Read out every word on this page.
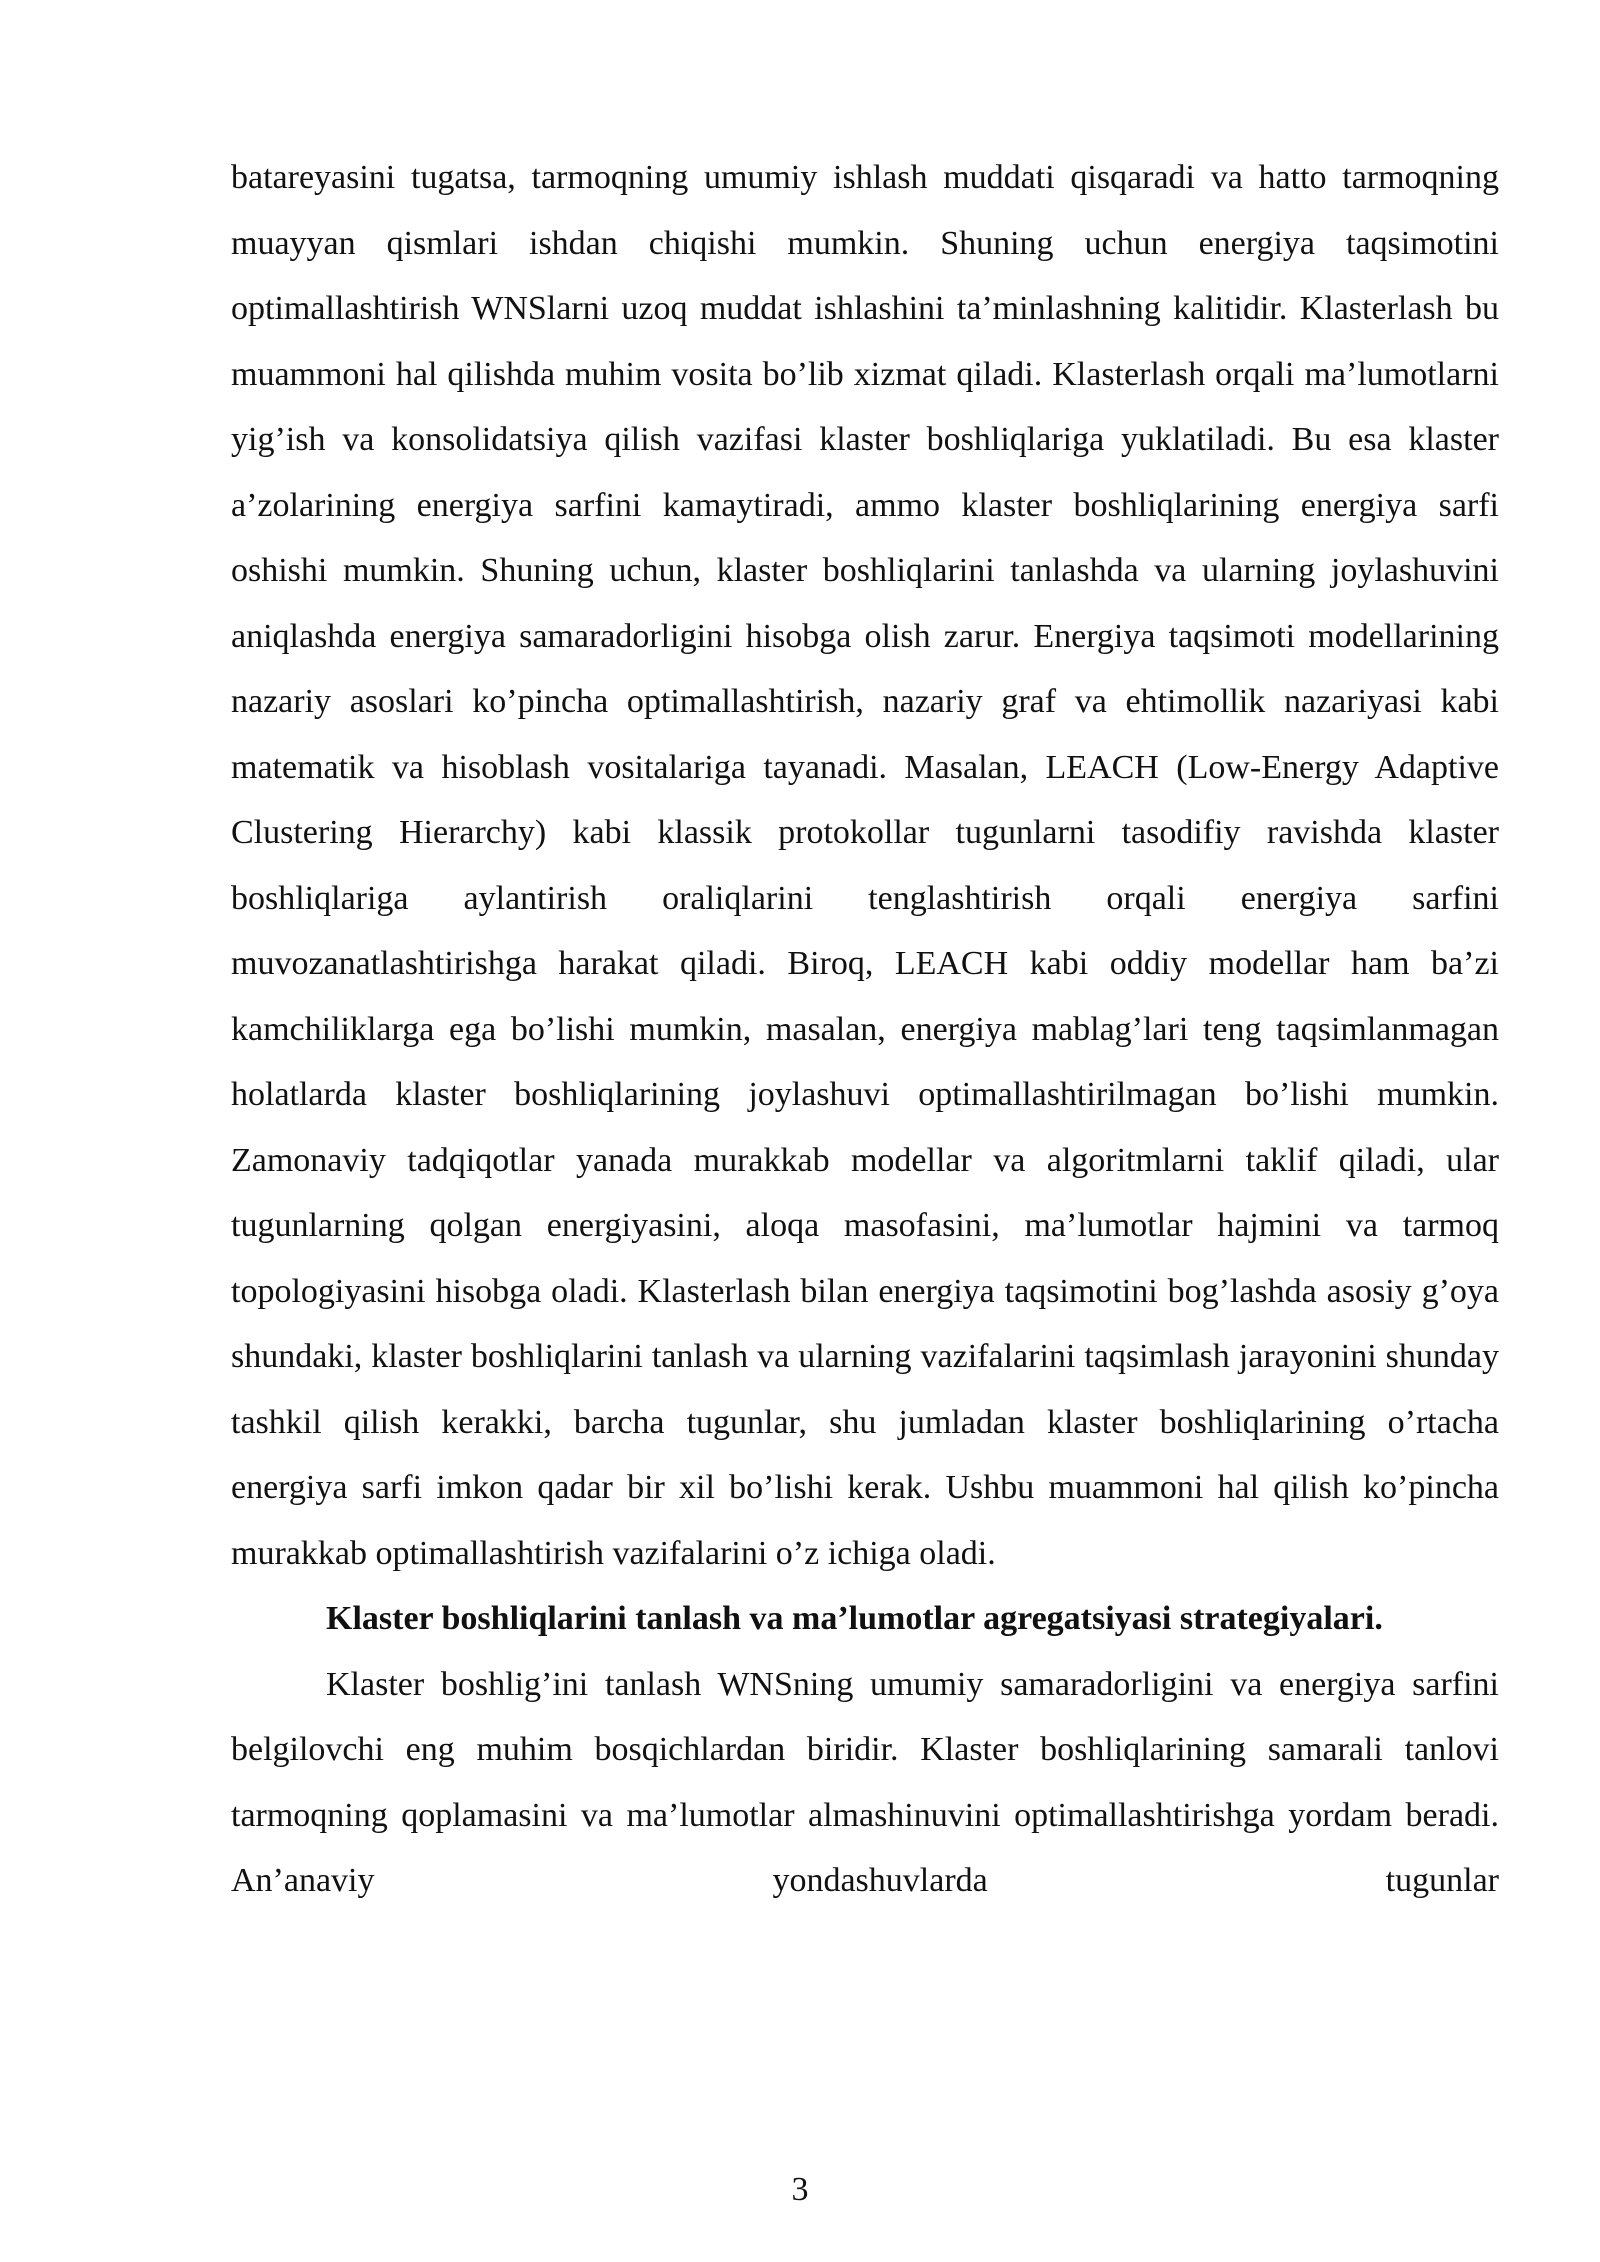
batareyasini tugatsa, tarmoqning umumiy ishlash muddati qisqaradi va hatto tarmoqning muayyan qismlari ishdan chiqishi mumkin. Shuning uchun energiya taqsimotini optimallashtirish WNSlarni uzoq muddat ishlashini ta’minlashning kalitidir. Klasterlash bu muammoni hal qilishda muhim vosita bo’lib xizmat qiladi. Klasterlash orqali ma’lumotlarni yig’ish va konsolidatsiya qilish vazifasi klaster boshliqlariga yuklatiladi. Bu esa klaster a’zolarining energiya sarfini kamaytiradi, ammo klaster boshliqlarining energiya sarfi oshishi mumkin. Shuning uchun, klaster boshliqlarini tanlashda va ularning joylashuvini aniqlashda energiya samaradorligini hisobga olish zarur. Energiya taqsimoti modellarining nazariy asoslari ko’pincha optimallashtirish, nazariy graf va ehtimollik nazariyasi kabi matematik va hisoblash vositalariga tayanadi. Masalan, LEACH (Low-Energy Adaptive Clustering Hierarchy) kabi klassik protokollar tugunlarni tasodifiy ravishda klaster boshliqlariga aylantirish oraliqlarini tenglashtirish orqali energiya sarfini muvozanatlashtirishga harakat qiladi. Biroq, LEACH kabi oddiy modellar ham ba’zi kamchiliklarga ega bo’lishi mumkin, masalan, energiya mablag’lari teng taqsimlanmagan holatlarda klaster boshliqlarining joylashuvi optimallashtirilmagan bo’lishi mumkin. Zamonaviy tadqiqotlar yanada murakkab modellar va algoritmlarni taklif qiladi, ular tugunlarning qolgan energiyasini, aloqa masofasini, ma’lumotlar hajmini va tarmoq topologiyasini hisobga oladi. Klasterlash bilan energiya taqsimotini bog’lashda asosiy g’oya shundaki, klaster boshliqlarini tanlash va ularning vazifalarini taqsimlash jarayonini shunday tashkil qilish kerakki, barcha tugunlar, shu jumladan klaster boshliqlarining o’rtacha energiya sarfi imkon qadar bir xil bo’lishi kerak. Ushbu muammoni hal qilish ko’pincha murakkab optimallashtirish vazifalarini o’z ichiga oladi.

Klaster boshliqlarini tanlash va ma’lumotlar agregatsiyasi strategiyalari.

Klaster boshlig’ini tanlash WNSning umumiy samaradorligini va energiya sarfini belgilovchi eng muhim bosqichlardan biridir. Klaster boshliqlarining samarali tanlovi tarmoqning qoplamasini va ma’lumotlar almashinuvini optimallashtirishga yordam beradi. An’anaviy yondashuvlarda tugunlar

3
